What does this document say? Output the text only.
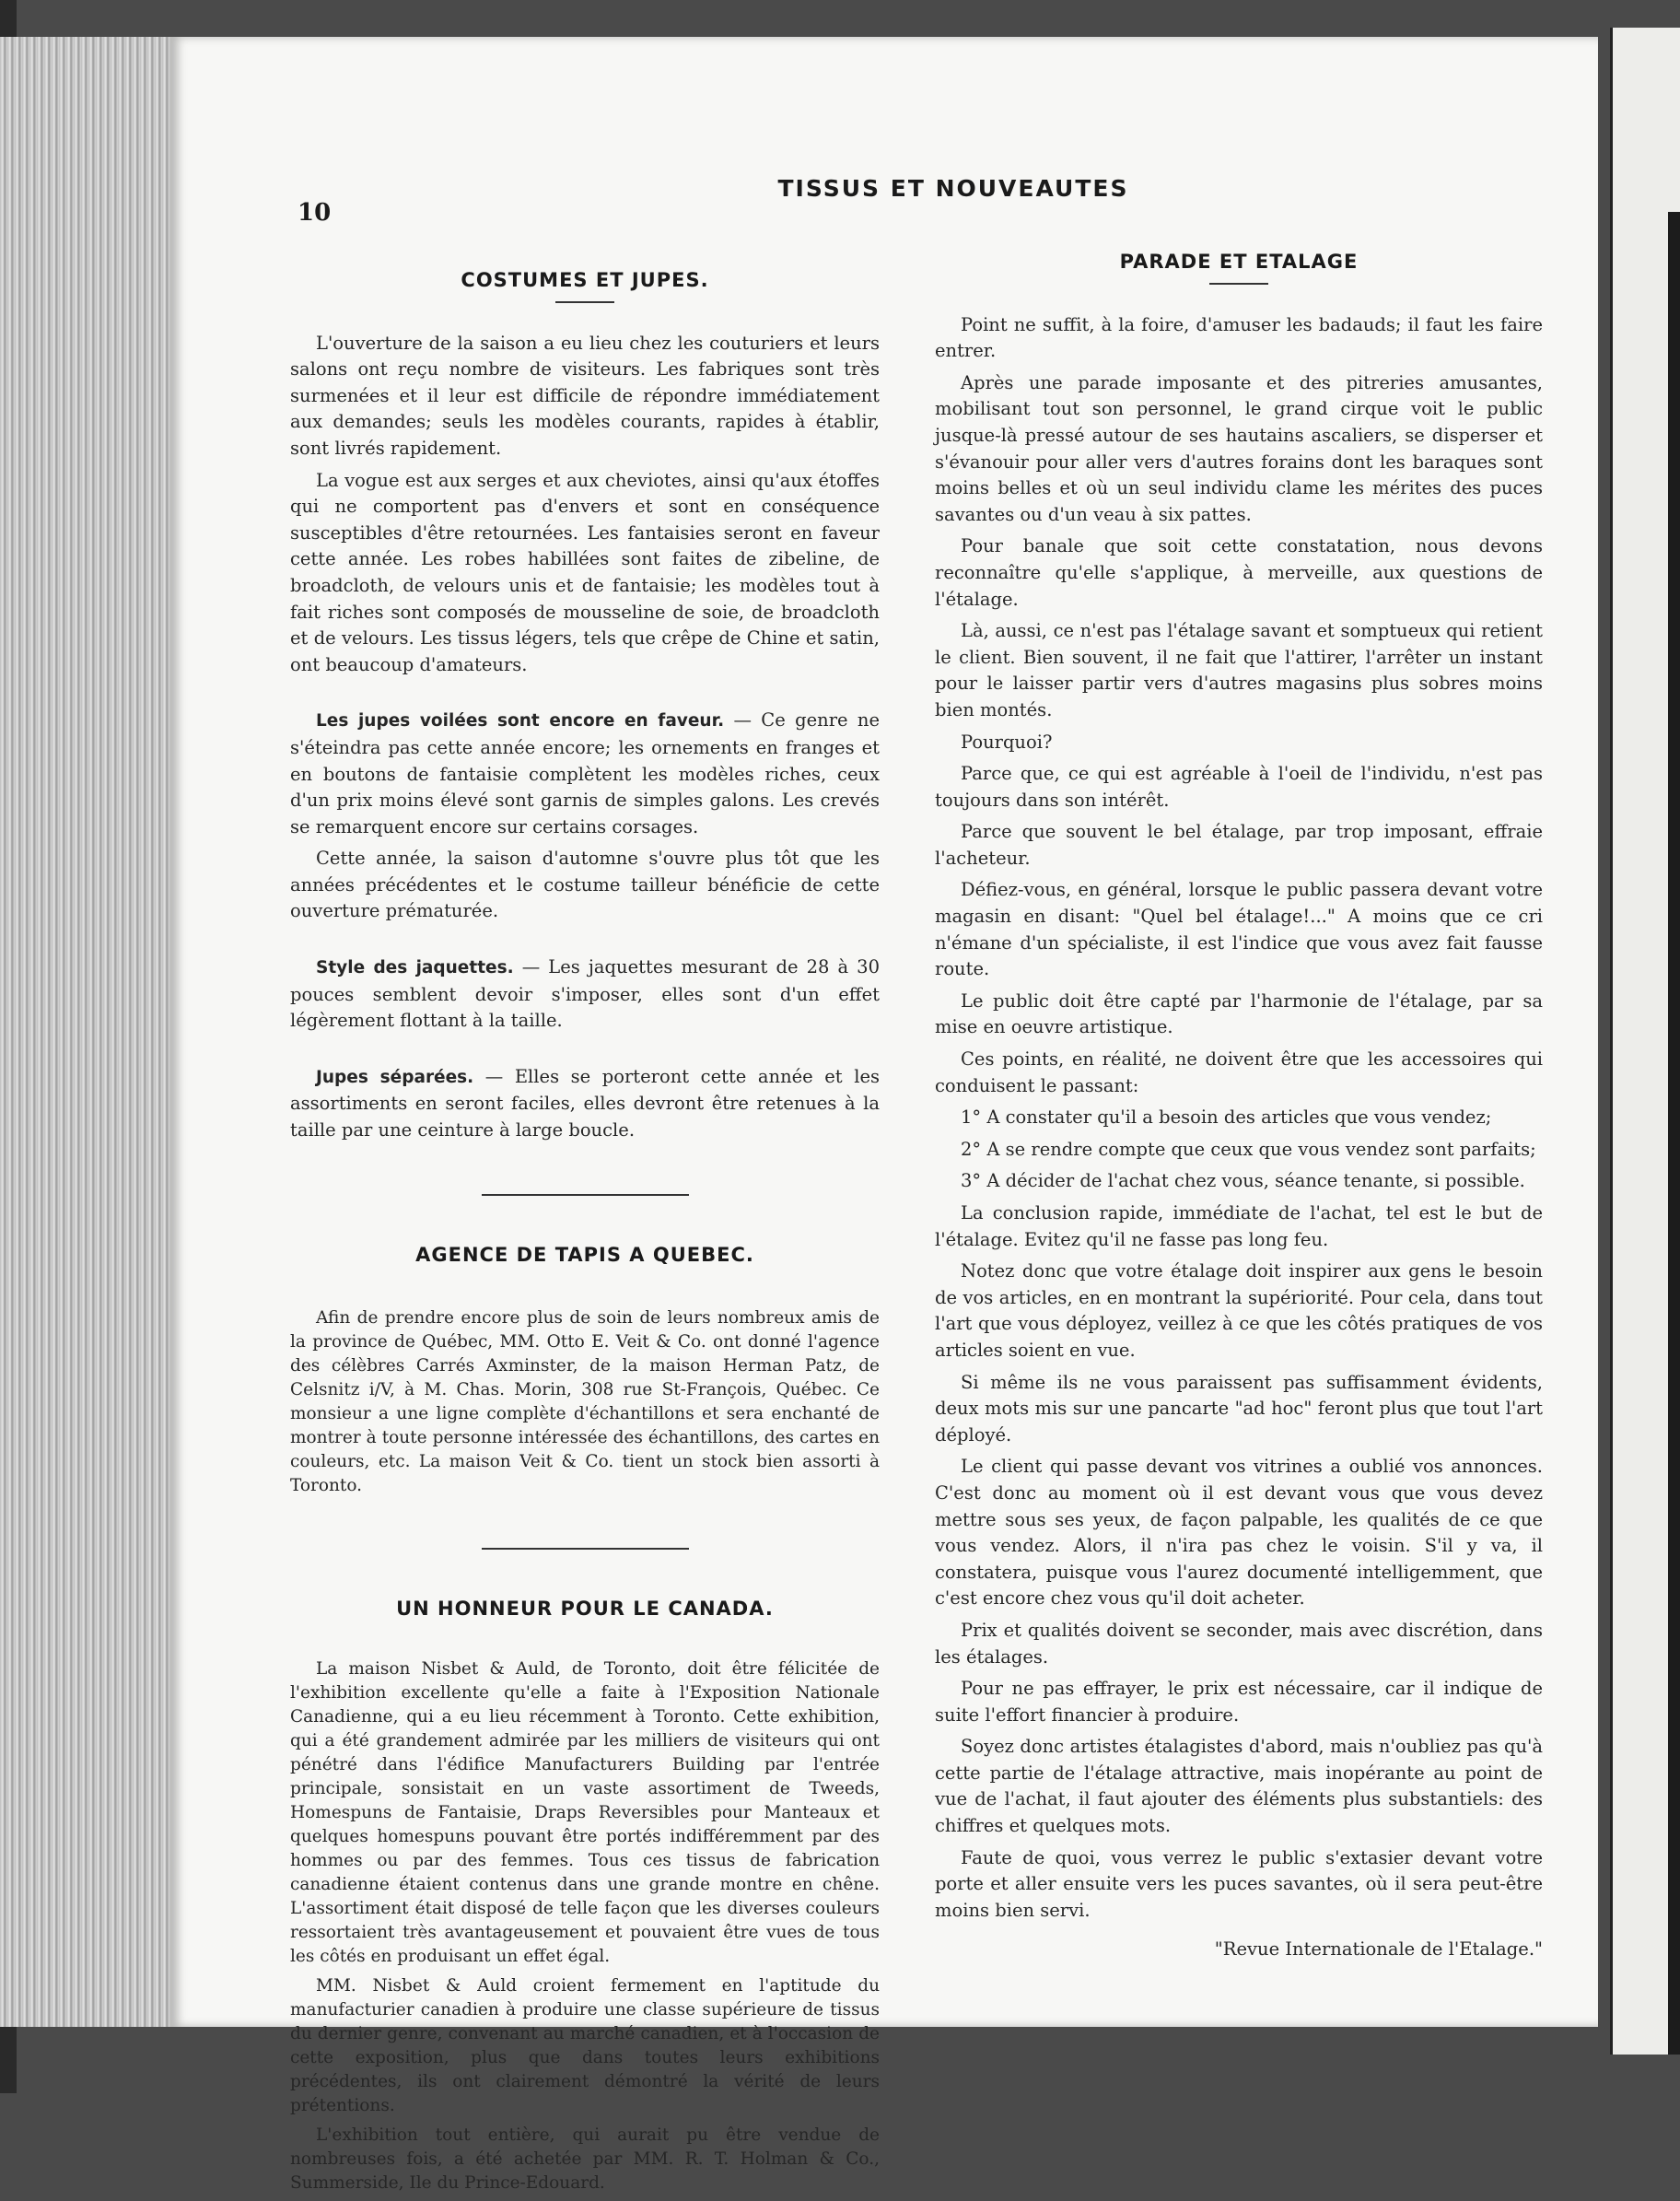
TISSUS ET NOUVEAUTES
10
COSTUMES ET JUPES.

L'ouverture de la saison a eu lieu chez les couturiers et leurs salons ont reçu nombre de visiteurs. Les fabriques sont très surmenées et il leur est difficile de répondre immédiatement aux demandes; seuls les modèles courants, rapides à établir, sont livrés rapidement.

La vogue est aux serges et aux cheviotes, ainsi qu'aux étoffes qui ne comportent pas d'envers et sont en conséquence susceptibles d'être retournées. Les fantaisies seront en faveur cette année. Les robes habillées sont faites de zibeline, de broadcloth, de velours unis et de fantaisie; les modèles tout à fait riches sont composés de mousseline de soie, de broadcloth et de velours. Les tissus légers, tels que crêpe de Chine et satin, ont beaucoup d'amateurs.

Les jupes voilées sont encore en faveur. — Ce genre ne s'éteindra pas cette année encore; les ornements en franges et en boutons de fantaisie complètent les modèles riches, ceux d'un prix moins élevé sont garnis de simples galons. Les crevés se remarquent encore sur certains corsages.

Cette année, la saison d'automne s'ouvre plus tôt que les années précédentes et le costume tailleur bénéficie de cette ouverture prématurée.

Style des jaquettes. — Les jaquettes mesurant de 28 à 30 pouces semblent devoir s'imposer, elles sont d'un effet légèrement flottant à la taille.

Jupes séparées. — Elles se porteront cette année et les assortiments en seront faciles, elles devront être retenues à la taille par une ceinture à large boucle.

AGENCE DE TAPIS A QUEBEC.

Afin de prendre encore plus de soin de leurs nombreux amis de la province de Québec, MM. Otto E. Veit & Co. ont donné l'agence des célèbres Carrés Axminster, de la maison Herman Patz, de Celsnitz i/V, à M. Chas. Morin, 308 rue St-François, Québec. Ce monsieur a une ligne complète d'échantillons et sera enchanté de montrer à toute personne intéressée des échantillons, des cartes en couleurs, etc. La maison Veit & Co. tient un stock bien assorti à Toronto.

UN HONNEUR POUR LE CANADA.

La maison Nisbet & Auld, de Toronto, doit être félicitée de l'exhibition excellente qu'elle a faite à l'Exposition Nationale Canadienne, qui a eu lieu récemment à Toronto. Cette exhibition, qui a été grandement admirée par les milliers de visiteurs qui ont pénétré dans l'édifice Manufacturers Building par l'entrée principale, sonsistait en un vaste assortiment de Tweeds, Homespuns de Fantaisie, Draps Reversibles pour Manteaux et quelques homespuns pouvant être portés indifféremment par des hommes ou par des femmes. Tous ces tissus de fabrication canadienne étaient contenus dans une grande montre en chêne. L'assortiment était disposé de telle façon que les diverses couleurs ressortaient très avantageusement et pouvaient être vues de tous les côtés en produisant un effet égal.

MM. Nisbet & Auld croient fermement en l'aptitude du manufacturier canadien à produire une classe supérieure de tissus du dernier genre, convenant au marché canadien, et à l'occasion de cette exposition, plus que dans toutes leurs exhibitions précédentes, ils ont clairement démontré la vérité de leurs prétentions.

L'exhibition tout entière, qui aurait pu être vendue de nombreuses fois, a été achetée par MM. R. T. Holman & Co., Summerside, Ile du Prince-Edouard.

PARADE ET ETALAGE

Point ne suffit, à la foire, d'amuser les badauds; il faut les faire entrer.

Après une parade imposante et des pitreries amusantes, mobilisant tout son personnel, le grand cirque voit le public jusque-là pressé autour de ses hautains ascaliers, se disperser et s'évanouir pour aller vers d'autres forains dont les baraques sont moins belles et où un seul individu clame les mérites des puces savantes ou d'un veau à six pattes.

Pour banale que soit cette constatation, nous devons reconnaître qu'elle s'applique, à merveille, aux questions de l'étalage.

Là, aussi, ce n'est pas l'étalage savant et somptueux qui retient le client. Bien souvent, il ne fait que l'attirer, l'arrêter un instant pour le laisser partir vers d'autres magasins plus sobres moins bien montés.

Pourquoi?

Parce que, ce qui est agréable à l'oeil de l'individu, n'est pas toujours dans son intérêt.

Parce que souvent le bel étalage, par trop imposant, effraie l'acheteur.

Défiez-vous, en général, lorsque le public passera devant votre magasin en disant: "Quel bel étalage!..." A moins que ce cri n'émane d'un spécialiste, il est l'indice que vous avez fait fausse route.

Le public doit être capté par l'harmonie de l'étalage, par sa mise en oeuvre artistique.

Ces points, en réalité, ne doivent être que les accessoires qui conduisent le passant:

1° A constater qu'il a besoin des articles que vous vendez;

2° A se rendre compte que ceux que vous vendez sont parfaits;

3° A décider de l'achat chez vous, séance tenante, si possible.

La conclusion rapide, immédiate de l'achat, tel est le but de l'étalage. Evitez qu'il ne fasse pas long feu.

Notez donc que votre étalage doit inspirer aux gens le besoin de vos articles, en en montrant la supériorité. Pour cela, dans tout l'art que vous déployez, veillez à ce que les côtés pratiques de vos articles soient en vue.

Si même ils ne vous paraissent pas suffisamment évidents, deux mots mis sur une pancarte "ad hoc" feront plus que tout l'art déployé.

Le client qui passe devant vos vitrines a oublié vos annonces. C'est donc au moment où il est devant vous que vous devez mettre sous ses yeux, de façon palpable, les qualités de ce que vous vendez. Alors, il n'ira pas chez le voisin. S'il y va, il constatera, puisque vous l'aurez documenté intelligemment, que c'est encore chez vous qu'il doit acheter.

Prix et qualités doivent se seconder, mais avec discrétion, dans les étalages.

Pour ne pas effrayer, le prix est nécessaire, car il indique de suite l'effort financier à produire.

Soyez donc artistes étalagistes d'abord, mais n'oubliez pas qu'à cette partie de l'étalage attractive, mais inopérante au point de vue de l'achat, il faut ajouter des éléments plus substantiels: des chiffres et quelques mots.

Faute de quoi, vous verrez le public s'extasier devant votre porte et aller ensuite vers les puces savantes, où il sera peut-être moins bien servi.

"Revue Internationale de l'Etalage."
